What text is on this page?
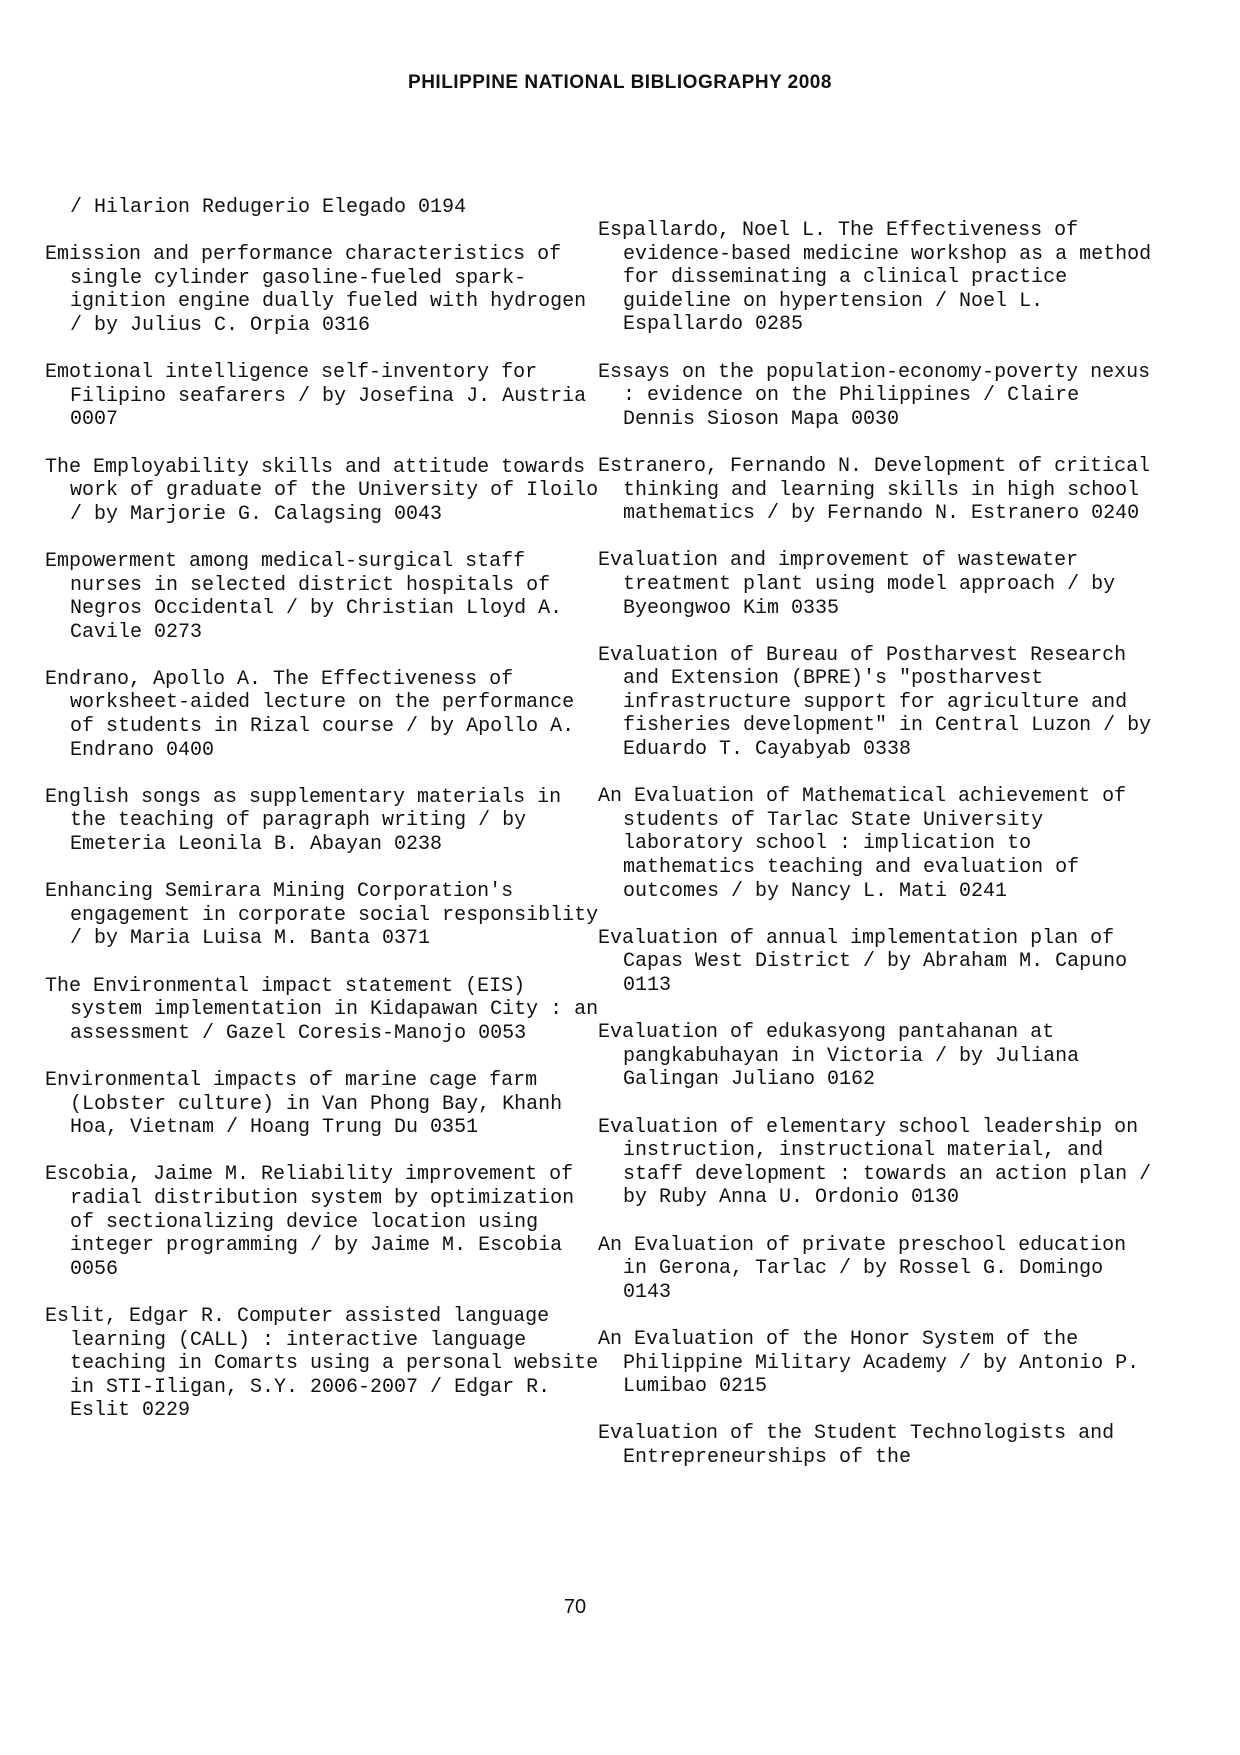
PHILIPPINE NATIONAL BIBLIOGRAPHY 2008

/ Hilarion Redugerio Elegado 0194

Emission and performance characteristics of single cylinder gasoline-fueled spark-ignition engine dually fueled with hydrogen / by Julius C. Orpia 0316

Emotional intelligence self-inventory for Filipino seafarers / by Josefina J. Austria 0007

The Employability skills and attitude towards work of graduate of the University of Iloilo / by Marjorie G. Calagsing 0043

Empowerment among medical-surgical staff nurses in selected district hospitals of Negros Occidental / by Christian Lloyd A. Cavile 0273

Endrano, Apollo A. The Effectiveness of worksheet-aided lecture on the performance of students in Rizal course / by Apollo A. Endrano 0400

English songs as supplementary materials in the teaching of paragraph writing / by Emeteria Leonila B. Abayan 0238

Enhancing Semirara Mining Corporation's engagement in corporate social responsiblity / by Maria Luisa M. Banta 0371

The Environmental impact statement (EIS) system implementation in Kidapawan City : an assessment / Gazel Coresis-Manojo 0053

Environmental impacts of marine cage farm (Lobster culture) in Van Phong Bay, Khanh Hoa, Vietnam / Hoang Trung Du 0351

Escobia, Jaime M. Reliability improvement of radial distribution system by optimization of sectionalizing device location using integer programming / by Jaime M. Escobia 0056

Eslit, Edgar R. Computer assisted language learning (CALL) : interactive language teaching in Comarts using a personal website in STI-Iligan, S.Y. 2006-2007 / Edgar R. Eslit 0229

Espallardo, Noel L. The Effectiveness of evidence-based medicine workshop as a method for disseminating a clinical practice guideline on hypertension / Noel L. Espallardo 0285

Essays on the population-economy-poverty nexus : evidence on the Philippines / Claire Dennis Sioson Mapa 0030

Estranero, Fernando N. Development of critical thinking and learning skills in high school mathematics / by Fernando N. Estranero 0240

Evaluation and improvement of wastewater treatment plant using model approach / by Byeongwoo Kim 0335

Evaluation of Bureau of Postharvest Research and Extension (BPRE)'s "postharvest infrastructure support for agriculture and fisheries development" in Central Luzon / by Eduardo T. Cayabyab 0338

An Evaluation of Mathematical achievement of students of Tarlac State University laboratory school : implication to mathematics teaching and evaluation of outcomes / by Nancy L. Mati 0241

Evaluation of annual implementation plan of Capas West District / by Abraham M. Capuno 0113

Evaluation of edukasyong pantahanan at pangkabuhayan in Victoria / by Juliana Galingan Juliano 0162

Evaluation of elementary school leadership on instruction, instructional material, and staff development : towards an action plan / by Ruby Anna U. Ordonio 0130

An Evaluation of private preschool education in Gerona, Tarlac / by Rossel G. Domingo 0143

An Evaluation of the Honor System of the Philippine Military Academy / by Antonio P. Lumibao 0215

Evaluation of the Student Technologists and Entrepreneurships of the

70
